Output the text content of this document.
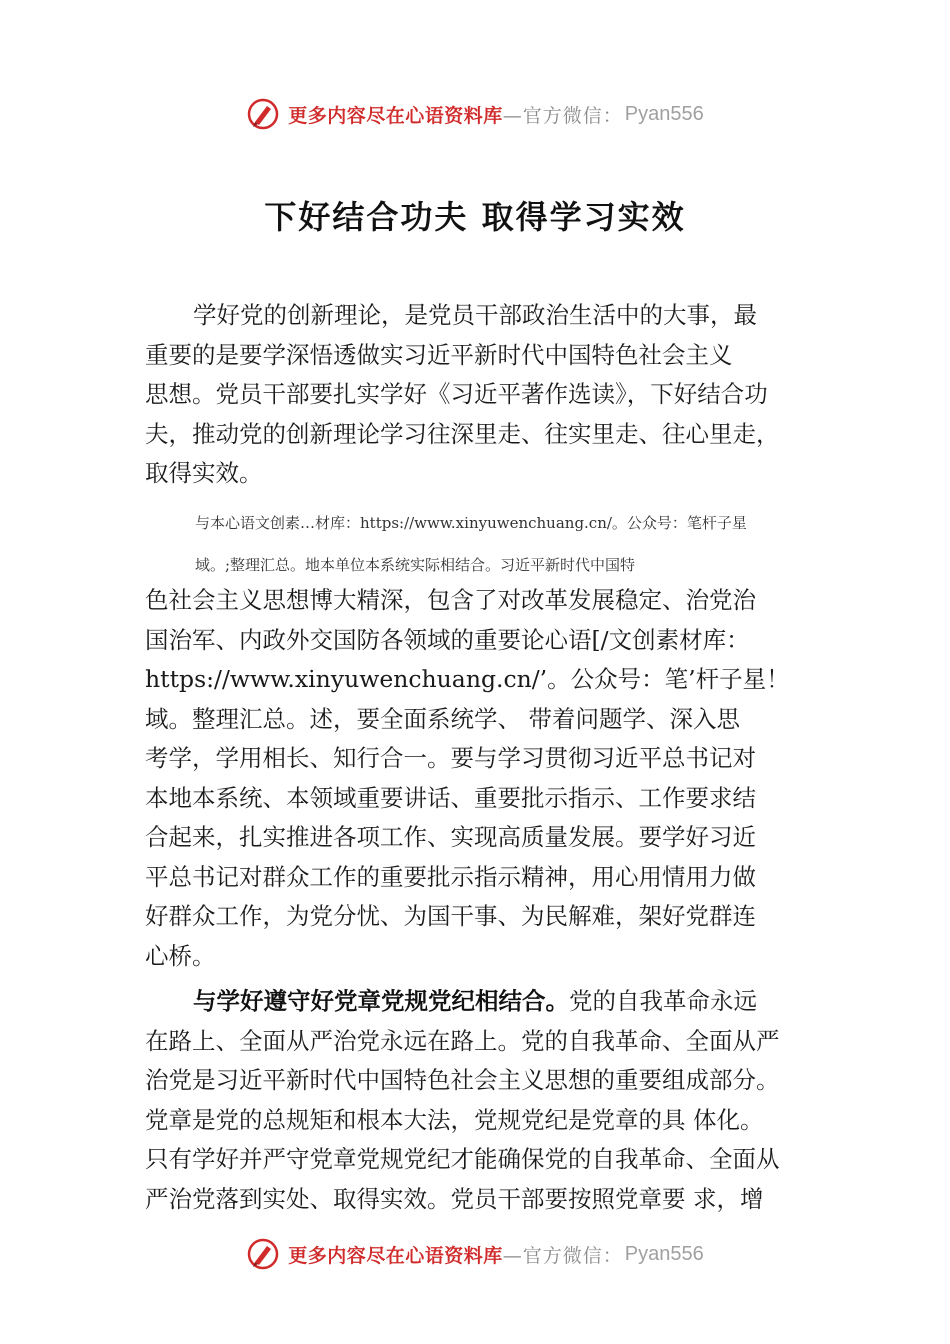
更多内容尽在心语资料库 —官方微信： Pyan556
下好结合功夫 取得学习实效
学好党的创新理论，是党员干部政治生活中的大事，最
重要的是要学深悟透做实习近平新时代中国特色社会主义
思想。党员干部要扎实学好《习近平著作选读》，下好结合功
夫，推动党的创新理论学习往深里走、往实里走、往心里走，
取得实效。
与本心语文创素…材库：https://www.xinyuwenchuang.cn/。公众号：笔杆子星
域。;整理汇总。地本单位本系统实际相结合。习近平新时代中国特
色社会主义思想博大精深，包含了对改革发展稳定、治党治
国治军、内政外交国防各领域的重要论心语[/文创素材库：
https://www.xinyuwenchuang.cn/’。公众号：笔’杆子星！
域。整理汇总。述，要全面系统学、 带着问题学、深入思
考学，学用相长、知行合一。要与学习贯彻习近平总书记对
本地本系统、本领域重要讲话、重要批示指示、工作要求结
合起来，扎实推进各项工作、实现高质量发展。要学好习近
平总书记对群众工作的重要批示指示精神，用心用情用力做
好群众工作，为党分忧、为国干事、为民解难，架好党群连
心桥。
与学好遵守好党章党规党纪相结合。党的自我革命永远
在路上、全面从严治党永远在路上。党的自我革命、全面从严
治党是习近平新时代中国特色社会主义思想的重要组成部分。
党章是党的总规矩和根本大法，党规党纪是党章的具 体化。
只有学好并严守党章党规党纪才能确保党的自我革命、全面从
严治党落到实处、取得实效。党员干部要按照党章要 求，增
更多内容尽在心语资料库 —官方微信： Pyan556
